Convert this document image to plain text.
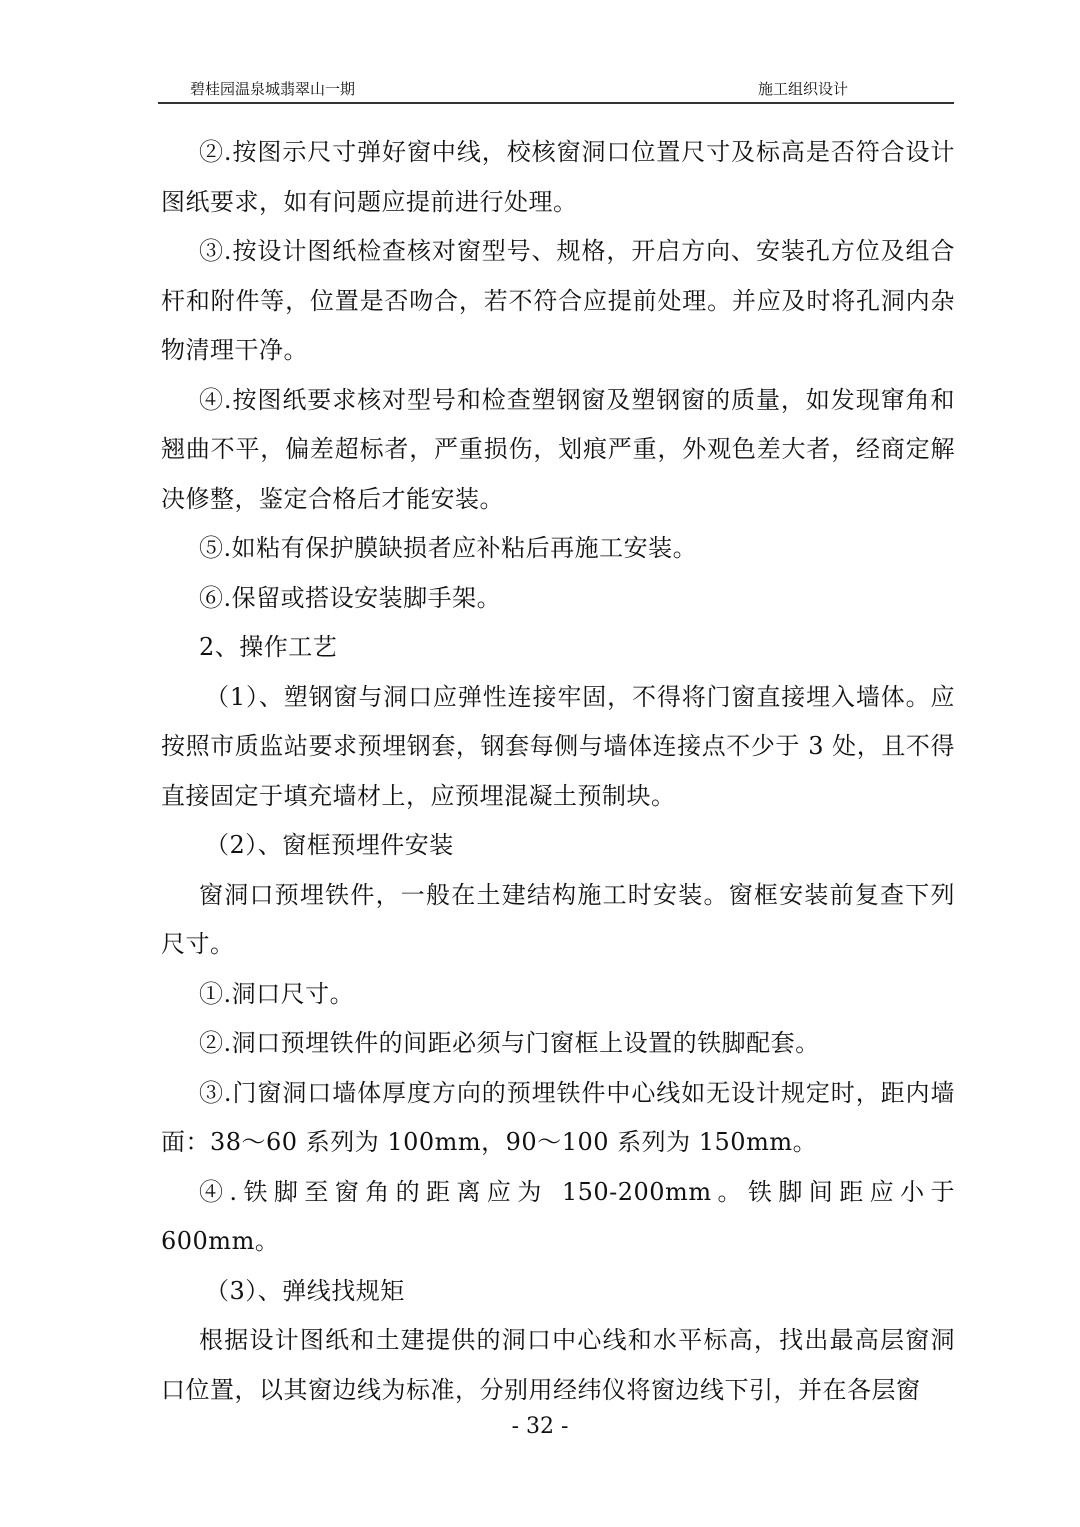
碧桂园温泉城翡翠山一期	施工组织设计

②.按图示尺寸弹好窗中线，校核窗洞口位置尺寸及标高是否符合设计图纸要求，如有问题应提前进行处理。

③.按设计图纸检查核对窗型号、规格，开启方向、安装孔方位及组合杆和附件等，位置是否吻合，若不符合应提前处理。并应及时将孔洞内杂物清理干净。

④.按图纸要求核对型号和检查塑钢窗及塑钢窗的质量，如发现窜角和翘曲不平，偏差超标者，严重损伤，划痕严重，外观色差大者，经商定解决修整，鉴定合格后才能安装。

⑤.如粘有保护膜缺损者应补粘后再施工安装。

⑥.保留或搭设安装脚手架。

2、操作工艺

（1）、塑钢窗与洞口应弹性连接牢固，不得将门窗直接埋入墙体。应按照市质监站要求预埋钢套，钢套每侧与墙体连接点不少于 3 处，且不得直接固定于填充墙材上，应预埋混凝土预制块。

（2）、窗框预埋件安装

窗洞口预埋铁件，一般在土建结构施工时安装。窗框安装前复查下列尺寸。

①.洞口尺寸。

②.洞口预埋铁件的间距必须与门窗框上设置的铁脚配套。

③.门窗洞口墙体厚度方向的预埋铁件中心线如无设计规定时，距内墙面：38～60 系列为 100mm，90～100 系列为 150mm。

④.铁脚至窗角的距离应为 150-200mm。铁脚间距应小于 600mm。

（3）、弹线找规矩

根据设计图纸和土建提供的洞口中心线和水平标高，找出最高层窗洞口位置，以其窗边线为标准，分别用经纬仪将窗边线下引，并在各层窗

- 32 -
